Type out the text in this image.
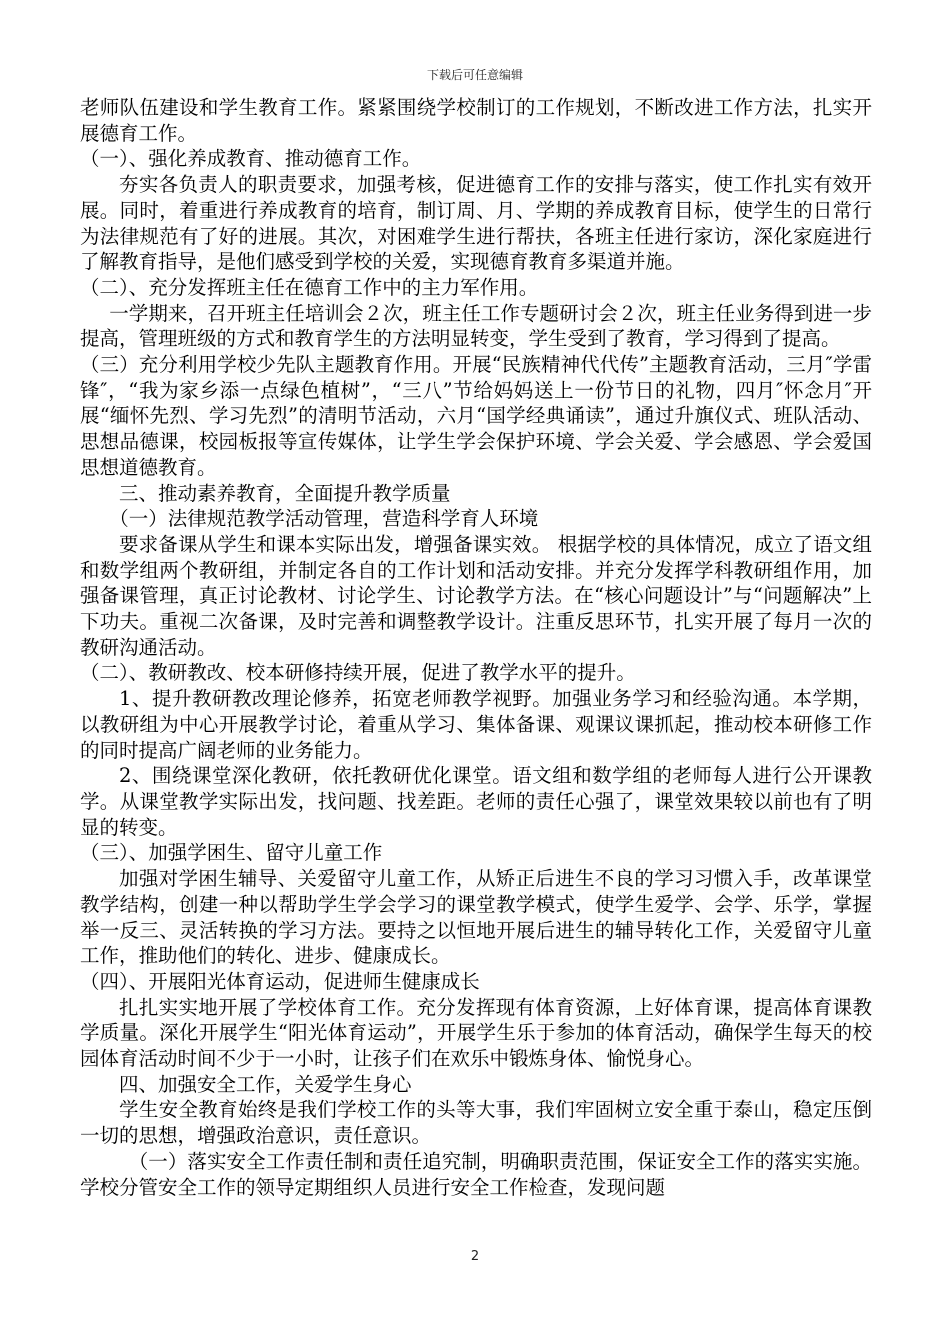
下载后可任意编辑

老师队伍建设和学生教育工作。紧紧围绕学校制订的工作规划，不断改进工作方法，扎实开展德育工作。

（一）、强化养成教育、推动德育工作。

夯实各负责人的职责要求，加强考核，促进德育工作的安排与落实，使工作扎实有效开展。同时，着重进行养成教育的培育，制订周、月、学期的养成教育目标，使学生的日常行为法律规范有了好的进展。其次，对困难学生进行帮扶，各班主任进行家访，深化家庭进行了解教育指导，是他们感受到学校的关爱，实现德育教育多渠道并施。

（二）、充分发挥班主任在德育工作中的主力军作用。

一学期来，召开班主任培训会２次，班主任工作专题研讨会２次，班主任业务得到进一步提高，管理班级的方式和教育学生的方法明显转变，学生受到了教育，学习得到了提高。

（三）充分利用学校少先队主题教育作用。开展“民族精神代代传”主题教育活动，三月″学雷锋″，“我为家乡添一点绿色植树”，“三八”节给妈妈送上一份节日的礼物，四月″怀念月″开展“缅怀先烈、学习先烈”的清明节活动，六月“国学经典诵读”，通过升旗仪式、班队活动、思想品德课，校园板报等宣传媒体，让学生学会保护环境、学会关爱、学会感恩、学会爱国思想道德教育。

三、推动素养教育，全面提升教学质量

（一）法律规范教学活动管理，营造科学育人环境

要求备课从学生和课本实际出发，增强备课实效。 根据学校的具体情况，成立了语文组和数学组两个教研组，并制定各自的工作计划和活动安排。并充分发挥学科教研组作用，加强备课管理，真正讨论教材、讨论学生、讨论教学方法。在“核心问题设计”与“问题解决”上下功夫。重视二次备课，及时完善和调整教学设计。注重反思环节，扎实开展了每月一次的教研沟通活动。

（二）、教研教改、校本研修持续开展，促进了教学水平的提升。

1、提升教研教改理论修养，拓宽老师教学视野。加强业务学习和经验沟通。本学期，以教研组为中心开展教学讨论，着重从学习、集体备课、观课议课抓起，推动校本研修工作的同时提高广阔老师的业务能力。

2、围绕课堂深化教研，依托教研优化课堂。语文组和数学组的老师每人进行公开课教学。从课堂教学实际出发，找问题、找差距。老师的责任心强了，课堂效果较以前也有了明显的转变。

（三）、加强学困生、留守儿童工作

加强对学困生辅导、关爱留守儿童工作，从矫正后进生不良的学习习惯入手，改革课堂教学结构，创建一种以帮助学生学会学习的课堂教学模式，使学生爱学、会学、乐学，掌握举一反三、灵活转换的学习方法。要持之以恒地开展后进生的辅导转化工作，关爱留守儿童工作，推助他们的转化、进步、健康成长。

（四）、开展阳光体育运动，促进师生健康成长

扎扎实实地开展了学校体育工作。充分发挥现有体育资源，上好体育课，提高体育课教学质量。深化开展学生“阳光体育运动”，开展学生乐于参加的体育活动，确保学生每天的校园体育活动时间不少于一小时，让孩子们在欢乐中锻炼身体、愉悦身心。

四、加强安全工作，关爱学生身心

学生安全教育始终是我们学校工作的头等大事，我们牢固树立安全重于泰山，稳定压倒一切的思想，增强政治意识，责任意识。

（一）落实安全工作责任制和责任追究制，明确职责范围，保证安全工作的落实实施。学校分管安全工作的领导定期组织人员进行安全工作检查，发现问题

2
